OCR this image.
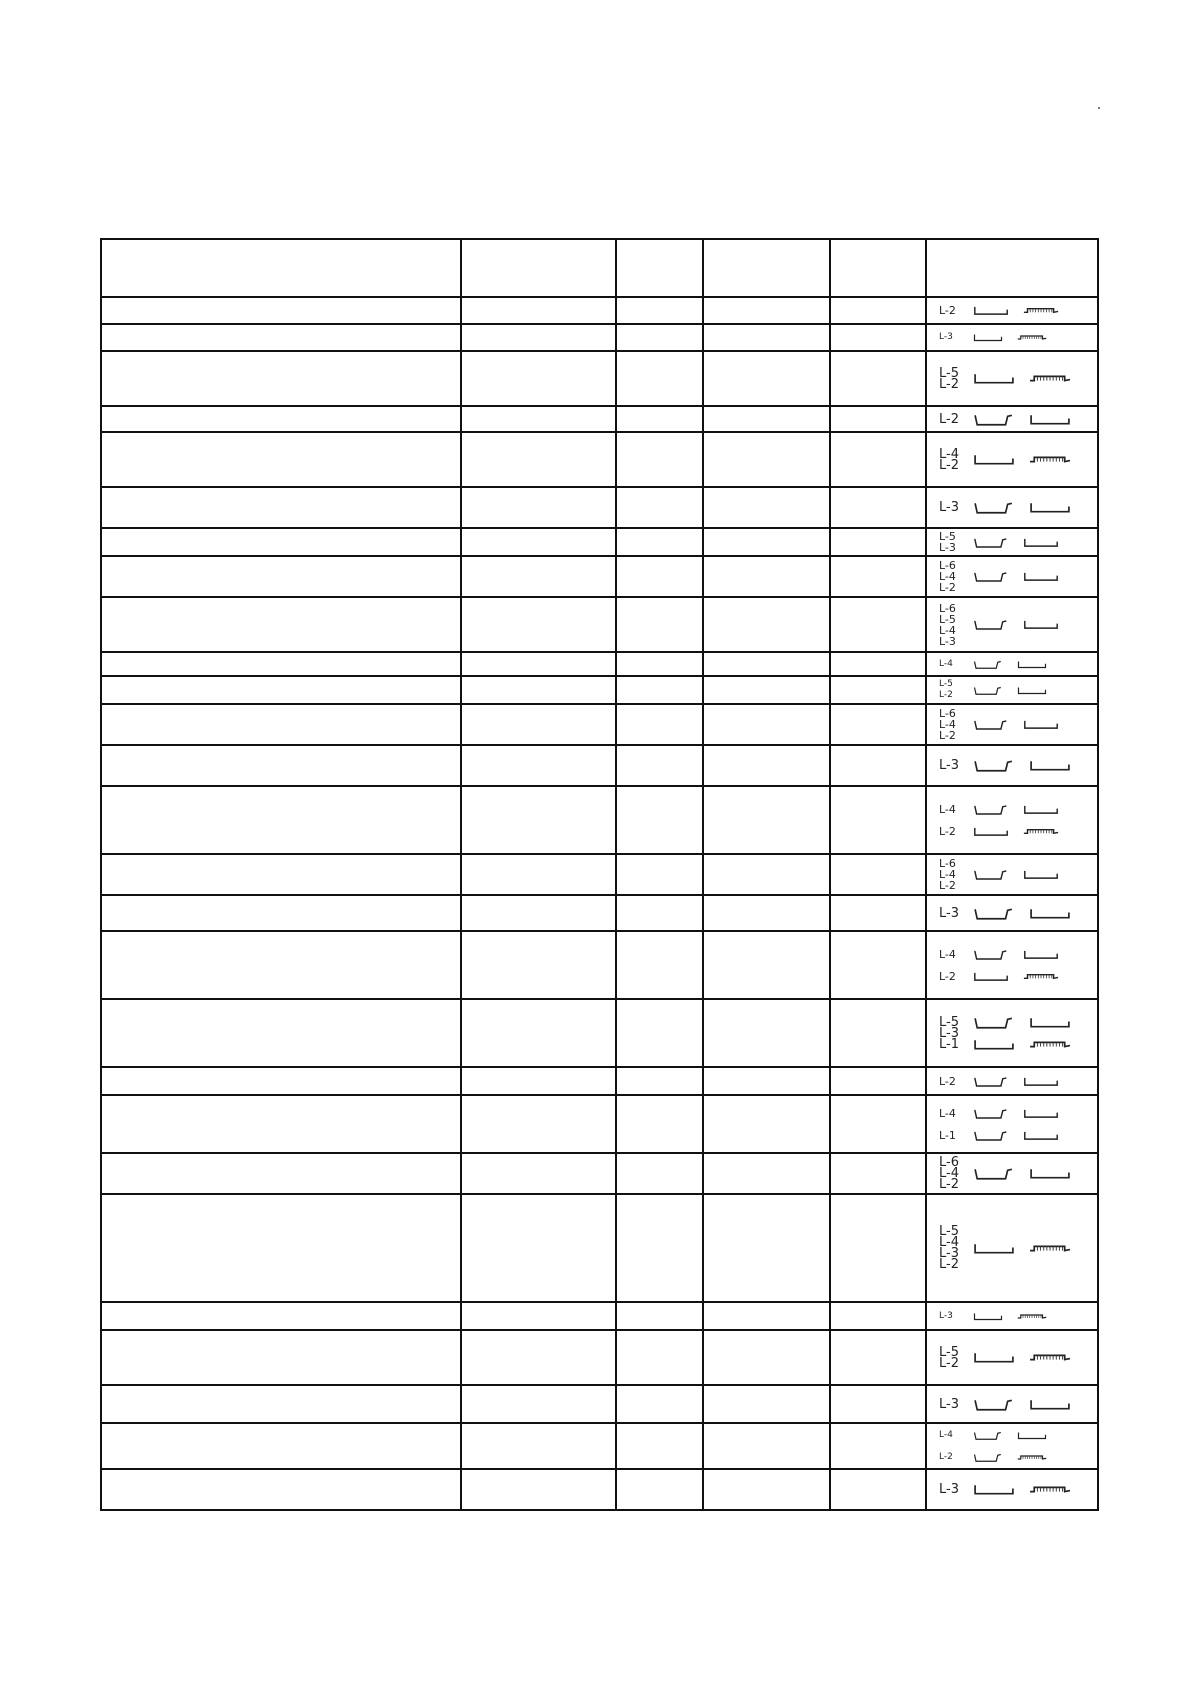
					L-2

					L-3

					L-5
L-2

					L-2

					L-4
L-2

					L-3

					L-5
L-3

					L-6
L-4
L-2

					L-6
L-5
L-4
L-3

					L-4

					L-5
L-2

					L-6
L-4
L-2

					L-3

					L-4
L-2

					L-6
L-4
L-2

					L-3

					L-4
L-2

					L-5
L-3
L-1

					L-2

					L-4
L-1

					L-6
L-4
L-2

					L-5
L-4
L-3
L-2

					L-3

					L-5
L-2

					L-3

					L-4
L-2

					L-3
